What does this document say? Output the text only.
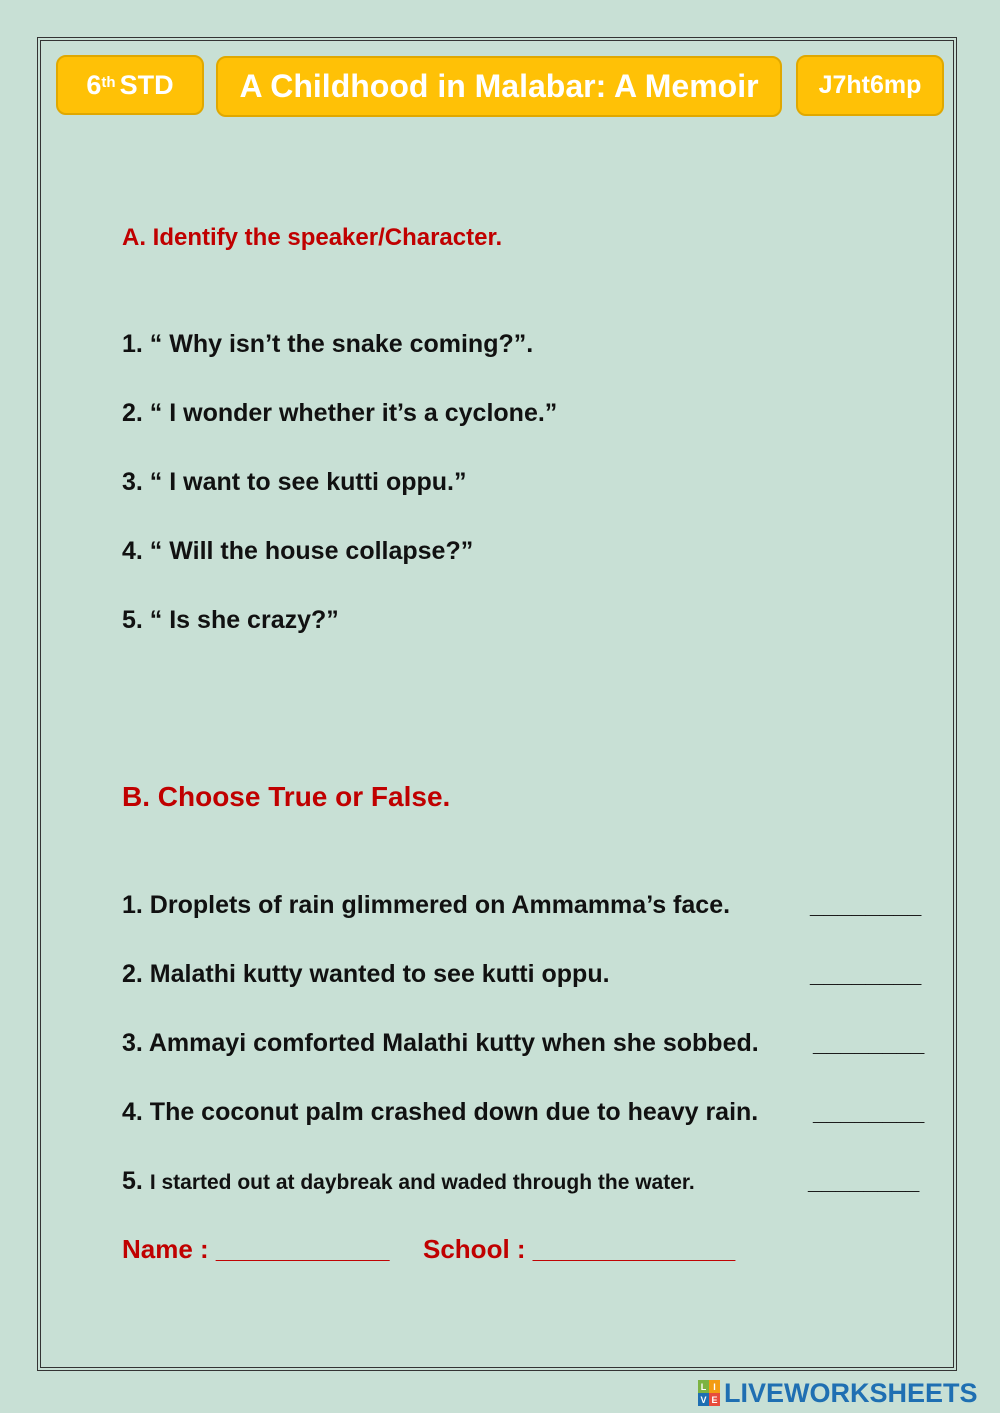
6th STD	A Childhood in Malabar: A Memoir	J7ht6mp
A. Identify the speaker/Character.
1. “ Why isn’t the snake coming?”.
2. “ I wonder whether it’s a cyclone.”
3. “ I want to see kutti oppu.”
4. “ Will the house collapse?”
5. “ Is she crazy?”
B. Choose True or False.
1. Droplets of rain glimmered on Ammamma’s face.	________
2. Malathi kutty wanted to see kutti oppu.	________
3. Ammayi comforted Malathi kutty when she sobbed. ________
4. The coconut palm crashed down due to heavy rain. ________
5. I started out at daybreak and waded through the water.	________
Name : ____________ School : ______________
L I
V E LIVEWORKSHEETS
